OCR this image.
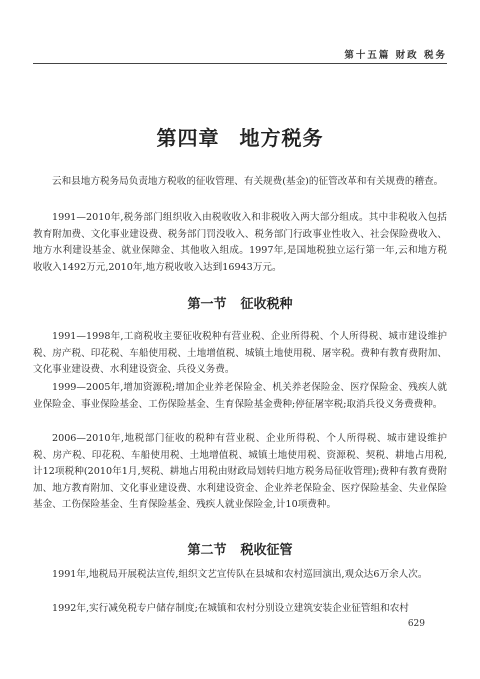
第十五篇 财政 税务
第四章 地方税务

云和县地方税务局负责地方税收的征收管理、有关规费(基金)的征管改革和有关规费的稽查。

1991—2010年,税务部门组织收入由税收收入和非税收入两大部分组成。其中非税收入包括教育附加费、文化事业建设费、税务部门罚没收入、税务部门行政事业性收入、社会保险费收入、地方水利建设基金、就业保障金、其他收入组成。1997年,是国地税独立运行第一年,云和地方税收收入1492万元,2010年,地方税收收入达到16943万元。

第一节 征收税种

1991—1998年,工商税收主要征收税种有营业税、企业所得税、个人所得税、城市建设维护税、房产税、印花税、车船使用税、土地增值税、城镇土地使用税、屠宰税。费种有教育费附加、文化事业建设费、水利建设资金、兵役义务费。

1999—2005年,增加资源税;增加企业养老保险金、机关养老保险金、医疗保险金、残疾人就业保险金、事业保险基金、工伤保险基金、生育保险基金费种;停征屠宰税;取消兵役义务费费种。

2006—2010年,地税部门征收的税种有营业税、企业所得税、个人所得税、城市建设维护税、房产税、印花税、车船使用税、土地增值税、城镇土地使用税、资源税、契税、耕地占用税,计12项税种(2010年1月,契税、耕地占用税由财政局划转归地方税务局征收管理);费种有教育费附加、地方教育附加、文化事业建设费、水利建设资金、企业养老保险金、医疗保险基金、失业保险基金、工伤保险基金、生育保险基金、残疾人就业保险金,计10项费种。

第二节 税收征管

1991年,地税局开展税法宣传,组织文艺宣传队在县城和农村巡回演出,观众达6万余人次。

1992年,实行减免税专户储存制度;在城镇和农村分别设立建筑安装企业征管组和农村

629
